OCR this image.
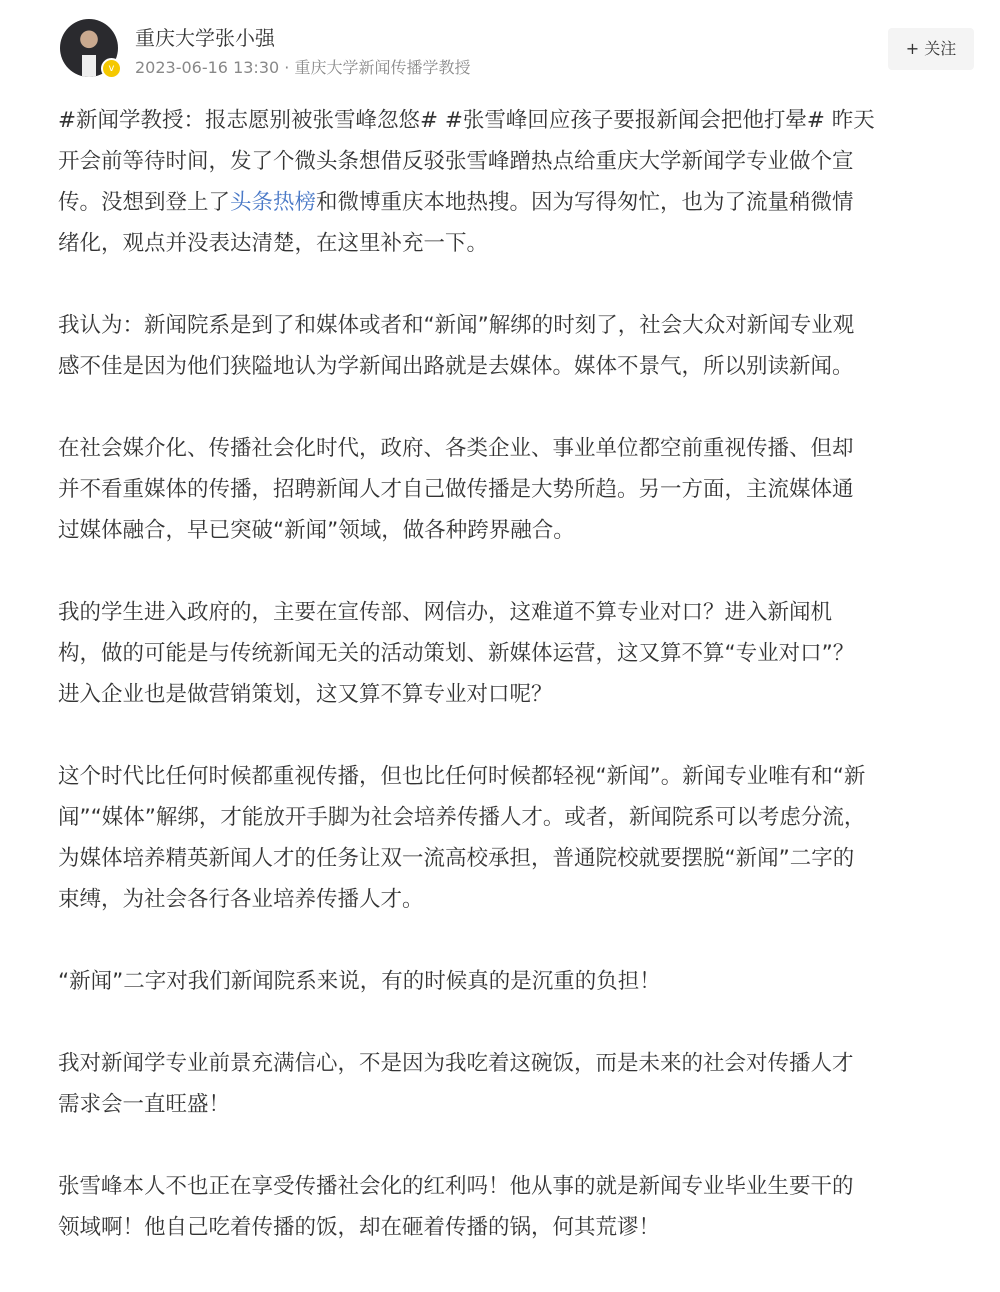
v
重庆大学张小强
2023-06-16 13:30 · 重庆大学新闻传播学教授
+ 关注
#新闻学教授：报志愿别被张雪峰忽悠# #张雪峰回应孩子要报新闻会把他打晕# 昨天
开会前等待时间，发了个微头条想借反驳张雪峰蹭热点给重庆大学新闻学专业做个宣
传。没想到登上了头条热榜和微博重庆本地热搜。因为写得匆忙，也为了流量稍微情
绪化，观点并没表达清楚，在这里补充一下。
我认为：新闻院系是到了和媒体或者和“新闻”解绑的时刻了，社会大众对新闻专业观
感不佳是因为他们狭隘地认为学新闻出路就是去媒体。媒体不景气，所以别读新闻。
在社会媒介化、传播社会化时代，政府、各类企业、事业单位都空前重视传播、但却
并不看重媒体的传播，招聘新闻人才自己做传播是大势所趋。另一方面，主流媒体通
过媒体融合，早已突破“新闻”领域，做各种跨界融合。
我的学生进入政府的，主要在宣传部、网信办，这难道不算专业对口？进入新闻机
构，做的可能是与传统新闻无关的活动策划、新媒体运营，这又算不算“专业对口”？
进入企业也是做营销策划，这又算不算专业对口呢？
这个时代比任何时候都重视传播，但也比任何时候都轻视“新闻”。新闻专业唯有和“新
闻”“媒体”解绑，才能放开手脚为社会培养传播人才。或者，新闻院系可以考虑分流，
为媒体培养精英新闻人才的任务让双一流高校承担，普通院校就要摆脱“新闻”二字的
束缚，为社会各行各业培养传播人才。
“新闻”二字对我们新闻院系来说，有的时候真的是沉重的负担！
我对新闻学专业前景充满信心，不是因为我吃着这碗饭，而是未来的社会对传播人才
需求会一直旺盛！
张雪峰本人不也正在享受传播社会化的红利吗！他从事的就是新闻专业毕业生要干的
领域啊！他自己吃着传播的饭，却在砸着传播的锅，何其荒谬！
